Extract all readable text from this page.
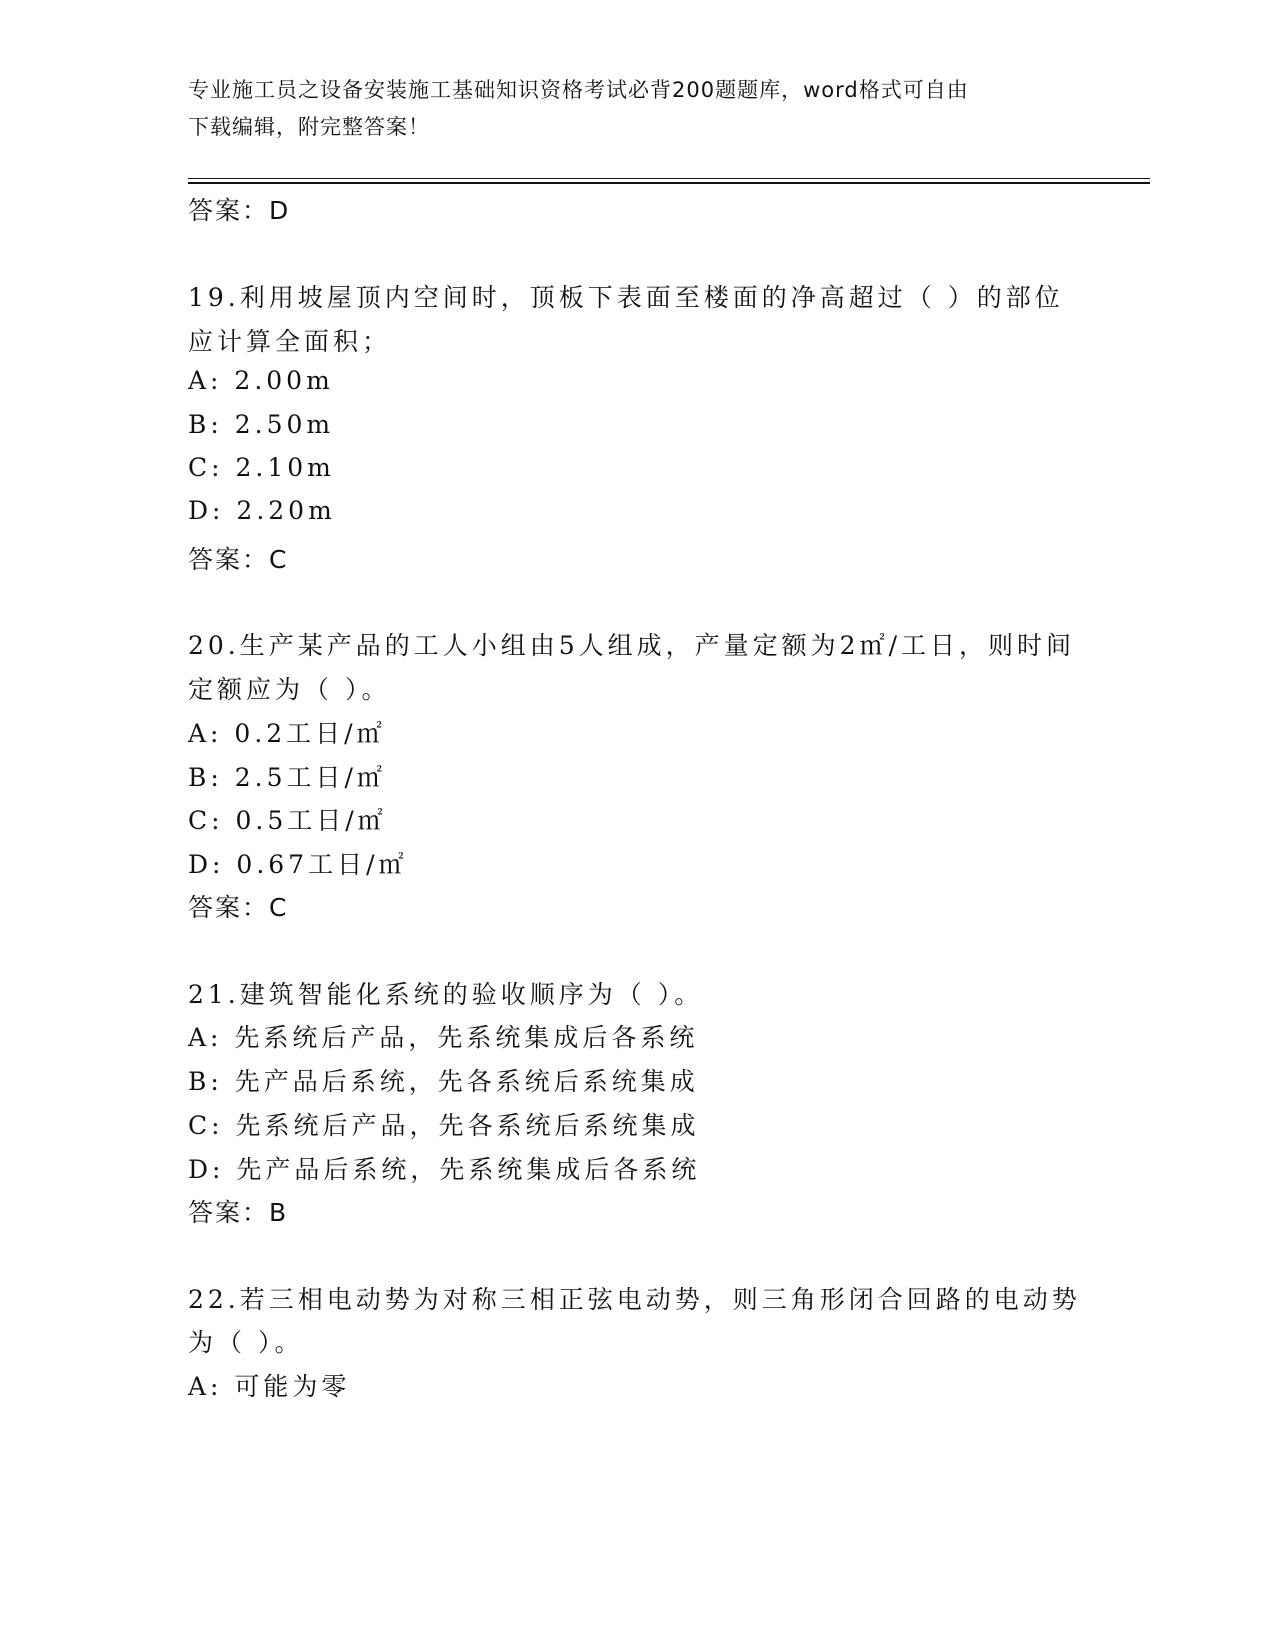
专业施工员之设备安装施工基础知识资格考试必背200题题库，word格式可自由
下载编辑，附完整答案！
答案：D
19.利用坡屋顶内空间时，顶板下表面至楼面的净高超过（ ）的部位
应计算全面积；
A: 2.00m
B: 2.50m
C: 2.10m
D: 2.20m
答案：C
20.生产某产品的工人小组由5人组成，产量定额为2㎡/工日，则时间
定额应为（ ）。
A: 0.2工日/㎡
B: 2.5工日/㎡
C: 0.5工日/㎡
D: 0.67工日/㎡
答案：C
21.建筑智能化系统的验收顺序为（ ）。
A: 先系统后产品，先系统集成后各系统
B: 先产品后系统，先各系统后系统集成
C: 先系统后产品，先各系统后系统集成
D: 先产品后系统，先系统集成后各系统
答案：B
22.若三相电动势为对称三相正弦电动势，则三角形闭合回路的电动势
为（ ）。
A: 可能为零
